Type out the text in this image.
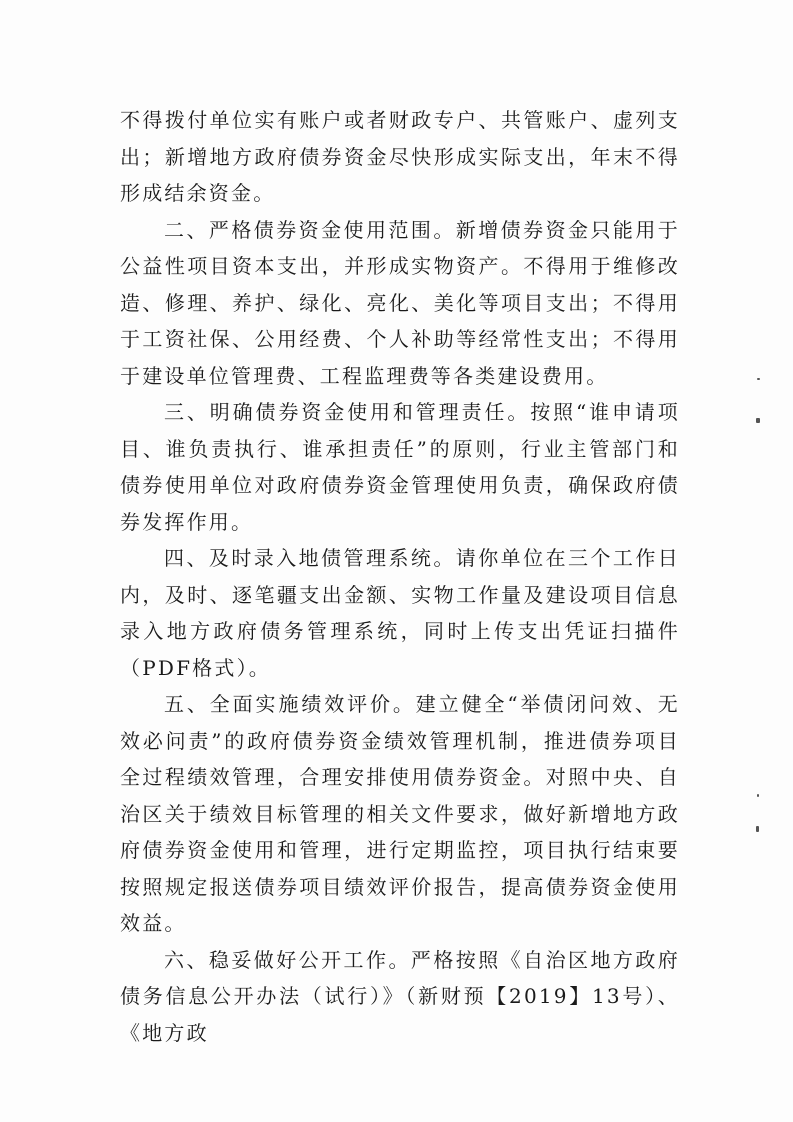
不得拨付单位实有账户或者财政专户、共管账户、虚列支出；新增地方政府债券资金尽快形成实际支出，年末不得形成结余资金。

二、严格债券资金使用范围。新增债券资金只能用于公益性项目资本支出，并形成实物资产。不得用于维修改造、修理、养护、绿化、亮化、美化等项目支出；不得用于工资社保、公用经费、个人补助等经常性支出；不得用于建设单位管理费、工程监理费等各类建设费用。

三、明确债券资金使用和管理责任。按照“谁申请项目、谁负责执行、谁承担责任”的原则，行业主管部门和债券使用单位对政府债券资金管理使用负责，确保政府债券发挥作用。

四、及时录入地债管理系统。请你单位在三个工作日内，及时、逐笔疆支出金额、实物工作量及建设项目信息录入地方政府债务管理系统，同时上传支出凭证扫描件（PDF格式）。

五、全面实施绩效评价。建立健全“举债闭问效、无效必问责”的政府债券资金绩效管理机制，推进债券项目全过程绩效管理，合理安排使用债券资金。对照中央、自治区关于绩效目标管理的相关文件要求，做好新增地方政府债券资金使用和管理，进行定期监控，项目执行结束要按照规定报送债券项目绩效评价报告，提高债券资金使用效益。

六、稳妥做好公开工作。严格按照《自治区地方政府债务信息公开办法（试行）》（新财预【2019】13号）、《地方政
